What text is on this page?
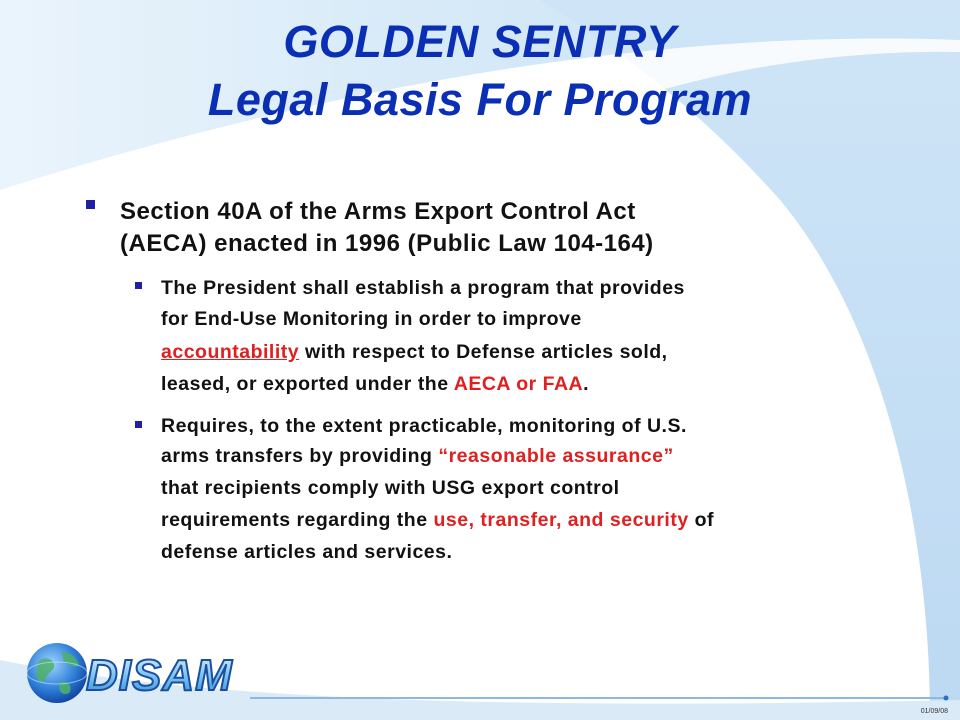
GOLDEN SENTRY
Legal Basis For Program
Section 40A of the Arms Export Control Act
(AECA) enacted in 1996 (Public Law 104-164)
The President shall establish a program that provides
for End-Use Monitoring in order to improve
accountability with respect to Defense articles sold,
leased, or exported under the AECA or FAA.
Requires, to the extent practicable, monitoring of U.S.
arms transfers by providing “reasonable assurance”
that recipients comply with USG export control
requirements regarding the use, transfer, and security of
defense articles and services.
DISAM
01/09/08
